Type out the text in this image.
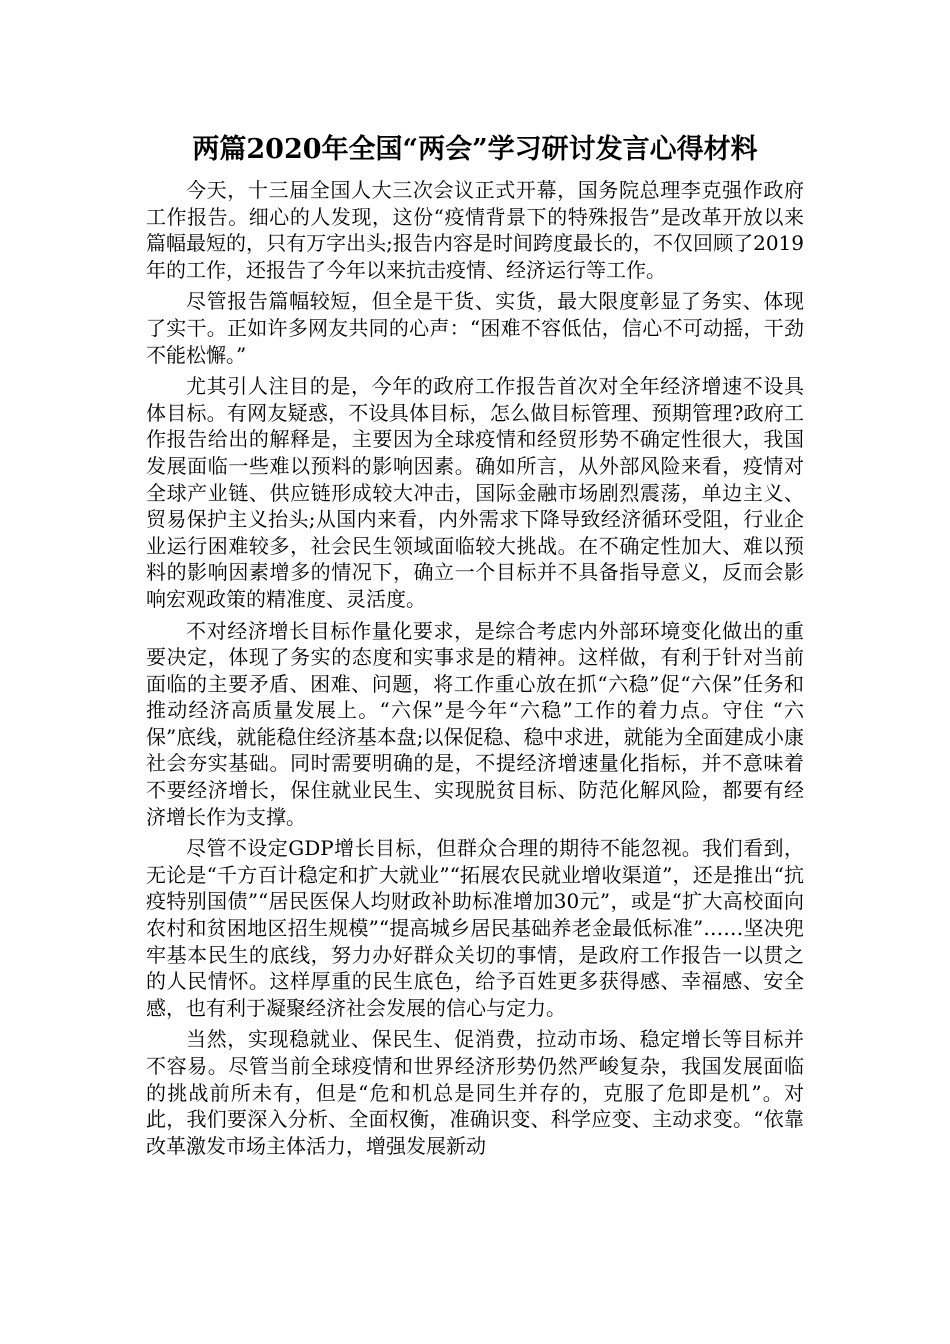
两篇2020年全国“两会”学习研讨发言心得材料

今天，十三届全国人大三次会议正式开幕，国务院总理李克强作政府工作报告。细心的人发现，这份“疫情背景下的特殊报告”是改革开放以来篇幅最短的，只有万字出头;报告内容是时间跨度最长的，不仅回顾了2019年的工作，还报告了今年以来抗击疫情、经济运行等工作。

尽管报告篇幅较短，但全是干货、实货，最大限度彰显了务实、体现了实干。正如许多网友共同的心声：“困难不容低估，信心不可动摇，干劲不能松懈。”

尤其引人注目的是，今年的政府工作报告首次对全年经济增速不设具体目标。有网友疑惑，不设具体目标，怎么做目标管理、预期管理?政府工作报告给出的解释是，主要因为全球疫情和经贸形势不确定性很大，我国发展面临一些难以预料的影响因素。确如所言，从外部风险来看，疫情对全球产业链、供应链形成较大冲击，国际金融市场剧烈震荡，单边主义、贸易保护主义抬头;从国内来看，内外需求下降导致经济循环受阻，行业企业运行困难较多，社会民生领域面临较大挑战。在不确定性加大、难以预料的影响因素增多的情况下，确立一个目标并不具备指导意义，反而会影响宏观政策的精准度、灵活度。

不对经济增长目标作量化要求，是综合考虑内外部环境变化做出的重要决定，体现了务实的态度和实事求是的精神。这样做，有利于针对当前面临的主要矛盾、困难、问题，将工作重心放在抓“六稳”促“六保”任务和推动经济高质量发展上。“六保”是今年“六稳”工作的着力点。守住 “六保”底线，就能稳住经济基本盘;以保促稳、稳中求进，就能为全面建成小康社会夯实基础。同时需要明确的是，不提经济增速量化指标，并不意味着不要经济增长，保住就业民生、实现脱贫目标、防范化解风险，都要有经济增长作为支撑。

尽管不设定GDP增长目标，但群众合理的期待不能忽视。我们看到，无论是“千方百计稳定和扩大就业”“拓展农民就业增收渠道”，还是推出“抗疫特别国债”“居民医保人均财政补助标准增加30元”，或是“扩大高校面向农村和贫困地区招生规模”“提高城乡居民基础养老金最低标准”……坚决兜牢基本民生的底线，努力办好群众关切的事情，是政府工作报告一以贯之的人民情怀。这样厚重的民生底色，给予百姓更多获得感、幸福感、安全感，也有利于凝聚经济社会发展的信心与定力。

当然，实现稳就业、保民生、促消费，拉动市场、稳定增长等目标并不容易。尽管当前全球疫情和世界经济形势仍然严峻复杂，我国发展面临的挑战前所未有，但是“危和机总是同生并存的，克服了危即是机”。对此，我们要深入分析、全面权衡，准确识变、科学应变、主动求变。“依靠改革激发市场主体活力，增强发展新动
